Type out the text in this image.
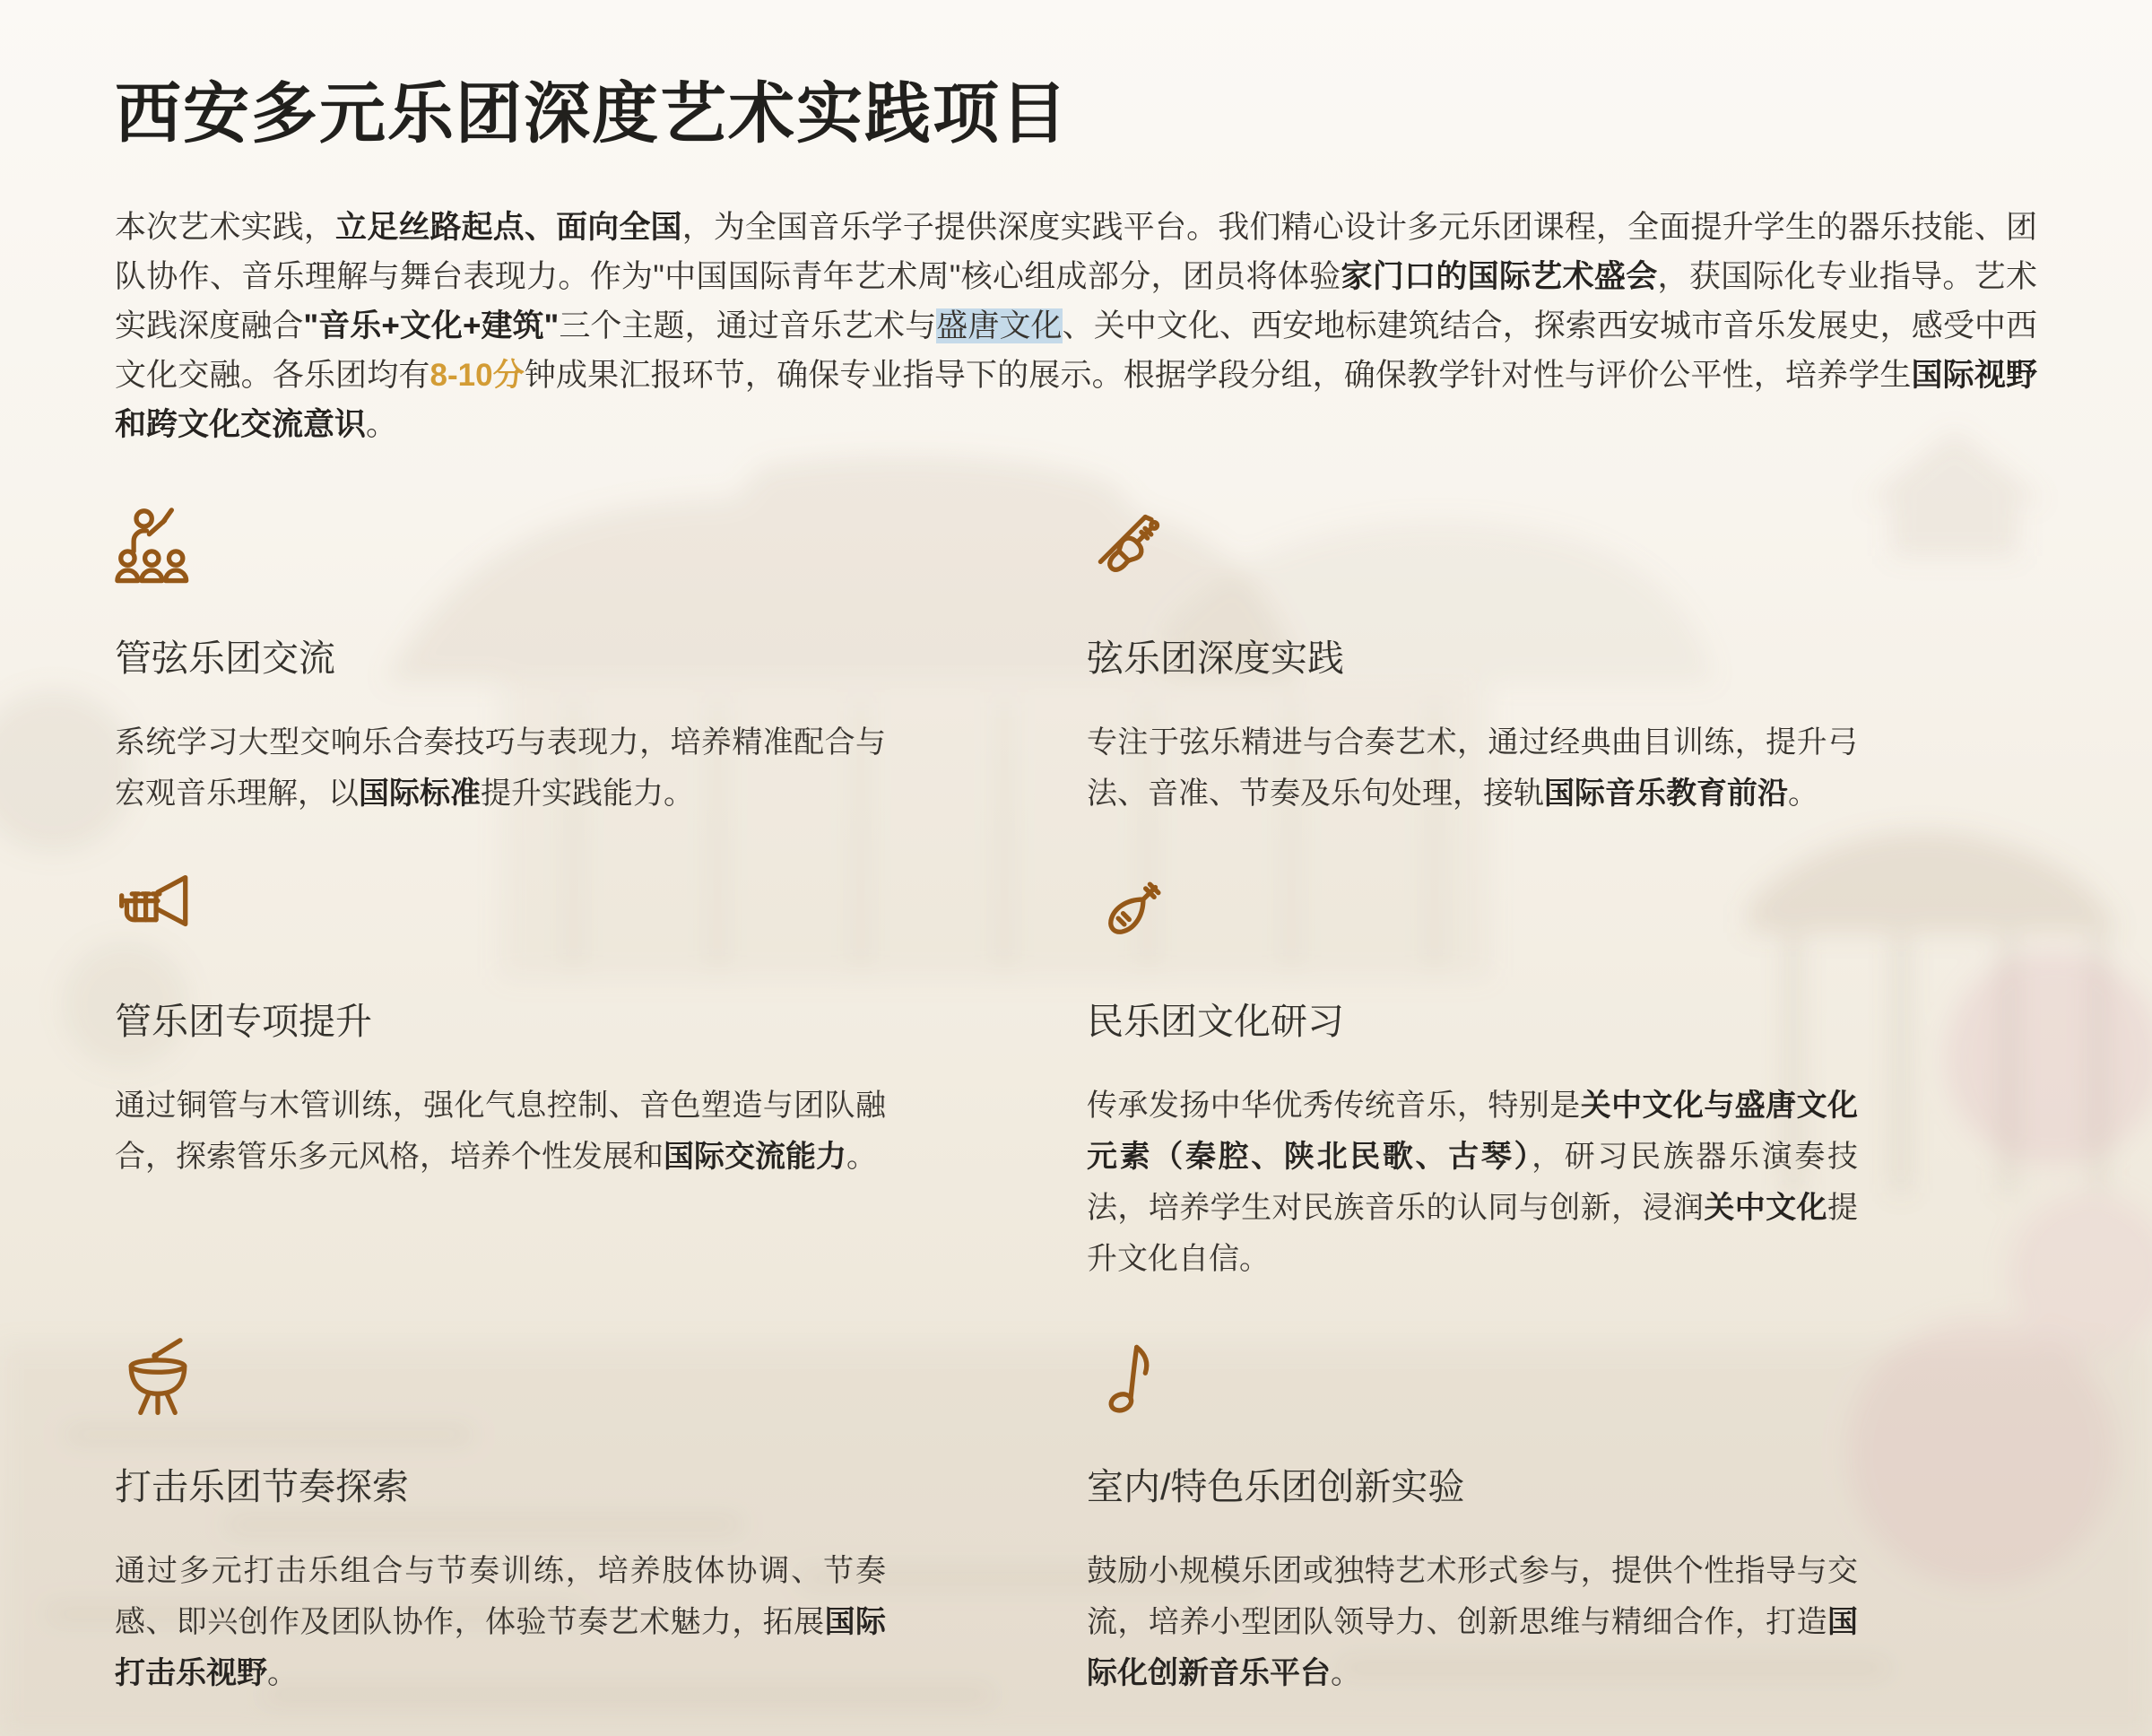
西安多元乐团深度艺术实践项目

本次艺术实践，立足丝路起点、面向全国，为全国音乐学子提供深度实践平台。我们精心设计多元乐团课程，全面提升学生的器乐技能、团队协作、音乐理解与舞台表现力。作为"中国国际青年艺术周"核心组成部分，团员将体验家门口的国际艺术盛会，获国际化专业指导。艺术实践深度融合"音乐+文化+建筑"三个主题，通过音乐艺术与盛唐文化、关中文化、西安地标建筑结合，探索西安城市音乐发展史，感受中西文化交融。各乐团均有8-10分钟成果汇报环节，确保专业指导下的展示。根据学段分组，确保教学针对性与评价公平性，培养学生国际视野和跨文化交流意识。

管弦乐团交流

系统学习大型交响乐合奏技巧与表现力，培养精准配合与宏观音乐理解，以国际标准提升实践能力。

弦乐团深度实践

专注于弦乐精进与合奏艺术，通过经典曲目训练，提升弓法、音准、节奏及乐句处理，接轨国际音乐教育前沿。

管乐团专项提升

通过铜管与木管训练，强化气息控制、音色塑造与团队融合，探索管乐多元风格，培养个性发展和国际交流能力。

民乐团文化研习

传承发扬中华优秀传统音乐，特别是关中文化与盛唐文化元素（秦腔、陕北民歌、古琴），研习民族器乐演奏技法，培养学生对民族音乐的认同与创新，浸润关中文化提升文化自信。

打击乐团节奏探索

通过多元打击乐组合与节奏训练，培养肢体协调、节奏感、即兴创作及团队协作，体验节奏艺术魅力，拓展国际打击乐视野。

室内/特色乐团创新实验

鼓励小规模乐团或独特艺术形式参与，提供个性指导与交流，培养小型团队领导力、创新思维与精细合作，打造国际化创新音乐平台。
